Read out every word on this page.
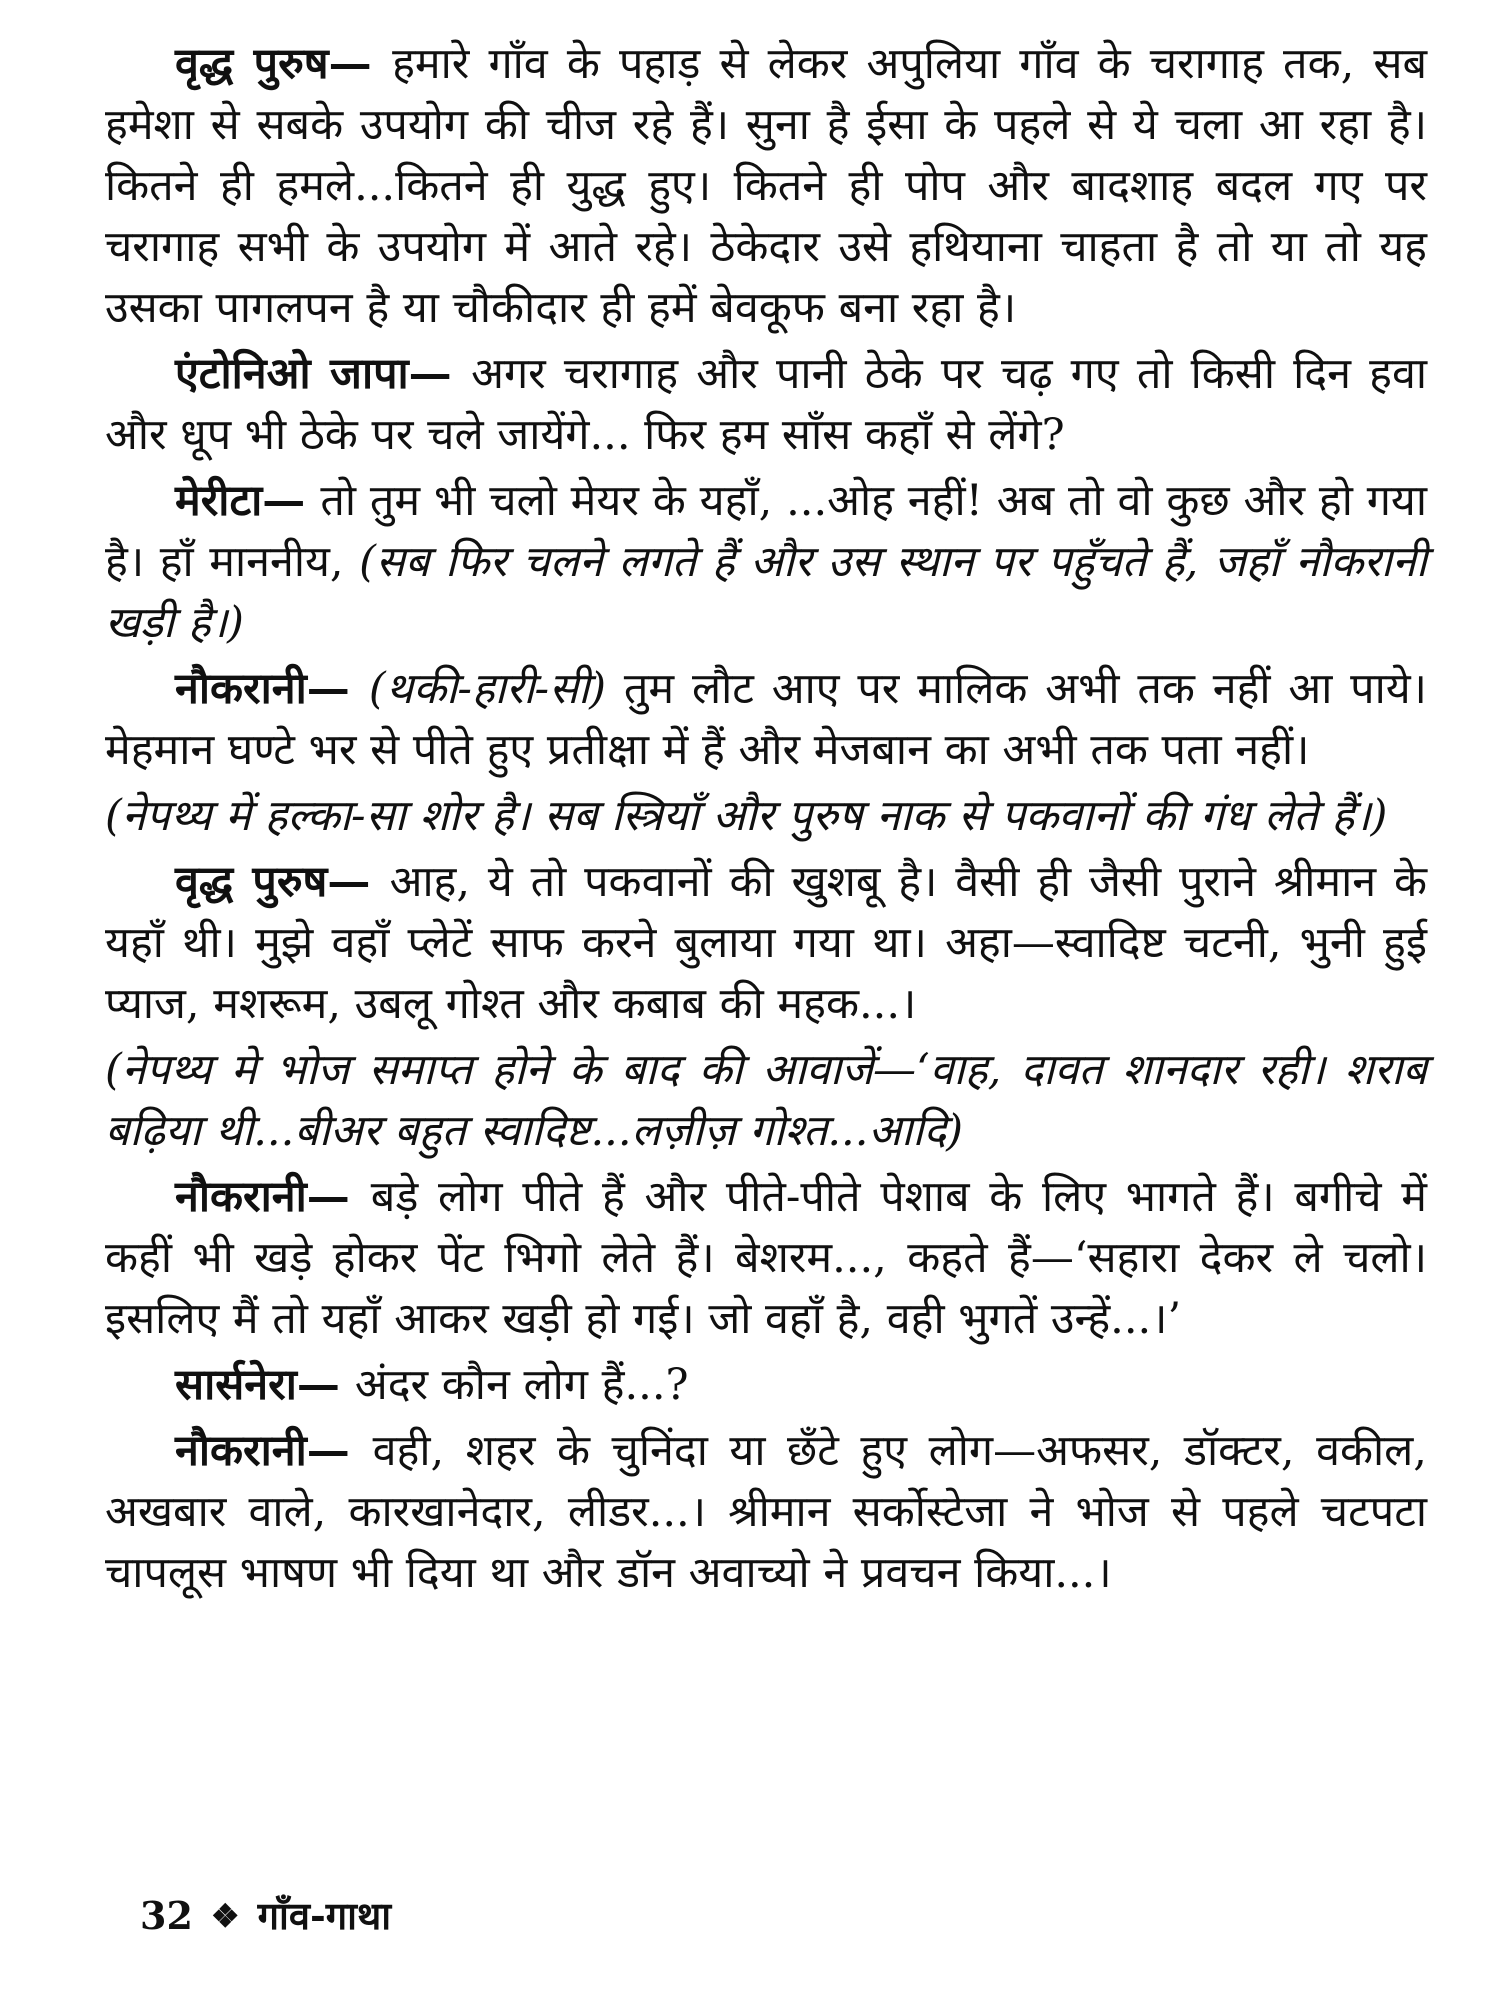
वृद्ध पुरुष— हमारे गाँव के पहाड़ से लेकर अपुलिया गाँव के चरागाह तक, सब हमेशा से सबके उपयोग की चीज रहे हैं। सुना है ईसा के पहले से ये चला आ रहा है। कितने ही हमले...कितने ही युद्ध हुए। कितने ही पोप और बादशाह बदल गए पर चरागाह सभी के उपयोग में आते रहे। ठेकेदार उसे हथियाना चाहता है तो या तो यह उसका पागलपन है या चौकीदार ही हमें बेवकूफ बना रहा है।

एंटोनिओ जापा— अगर चरागाह और पानी ठेके पर चढ़ गए तो किसी दिन हवा और धूप भी ठेके पर चले जायेंगे... फिर हम साँस कहाँ से लेंगे?

मेरीटा— तो तुम भी चलो मेयर के यहाँ, ...ओह नहीं! अब तो वो कुछ और हो गया है। हाँ माननीय, (सब फिर चलने लगते हैं और उस स्थान पर पहुँचते हैं, जहाँ नौकरानी खड़ी है।)

नौकरानी— (थकी-हारी-सी) तुम लौट आए पर मालिक अभी तक नहीं आ पाये। मेहमान घण्टे भर से पीते हुए प्रतीक्षा में हैं और मेजबान का अभी तक पता नहीं।

(नेपथ्य में हल्का-सा शोर है। सब स्त्रियाँ और पुरुष नाक से पकवानों की गंध लेते हैं।)

वृद्ध पुरुष— आह, ये तो पकवानों की खुशबू है। वैसी ही जैसी पुराने श्रीमान के यहाँ थी। मुझे वहाँ प्लेटें साफ करने बुलाया गया था। अहा—स्वादिष्ट चटनी, भुनी हुई प्याज, मशरूम, उबलू गोश्त और कबाब की महक...।

(नेपथ्य मे भोज समाप्त होने के बाद की आवाजें—‘वाह, दावत शानदार रही। शराब बढ़िया थी...बीअर बहुत स्वादिष्ट...लज़ीज़ गोश्त...आदि)

नौकरानी— बड़े लोग पीते हैं और पीते-पीते पेशाब के लिए भागते हैं। बगीचे में कहीं भी खड़े होकर पेंट भिगो लेते हैं। बेशरम..., कहते हैं—‘सहारा देकर ले चलो। इसलिए मैं तो यहाँ आकर खड़ी हो गई। जो वहाँ है, वही भुगतें उन्हें...।’

सार्सनेरा— अंदर कौन लोग हैं...?

नौकरानी— वही, शहर के चुनिंदा या छँटे हुए लोग—अफसर, डॉक्टर, वकील, अखबार वाले, कारखानेदार, लीडर...। श्रीमान सर्कोस्टेजा ने भोज से पहले चटपटा चापलूस भाषण भी दिया था और डॉन अवाच्यो ने प्रवचन किया...।

32 ❖ गाँव-गाथा
